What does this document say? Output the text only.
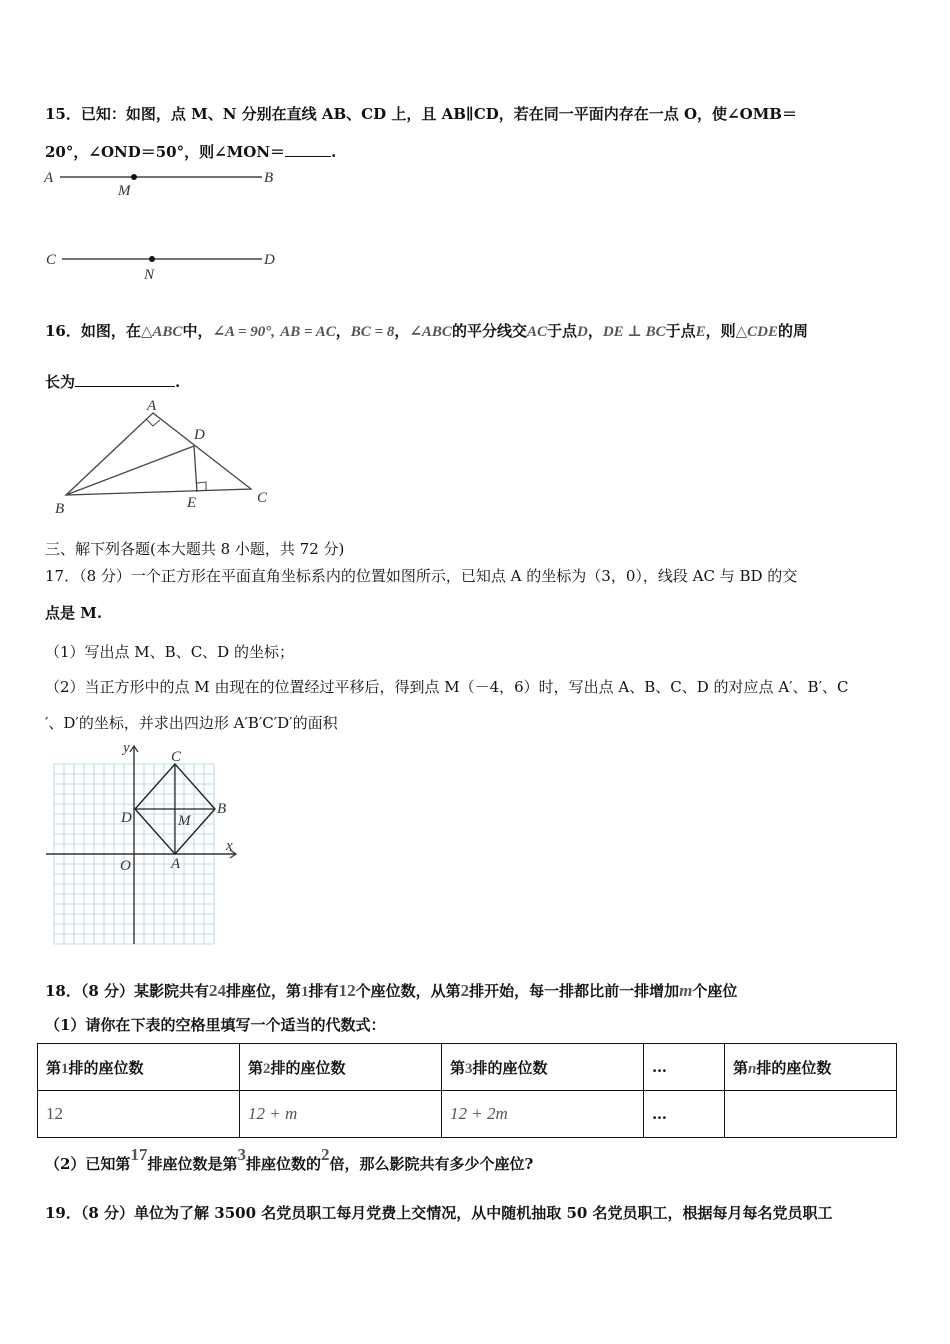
15．已知：如图，点 M、N 分别在直线 AB、CD 上，且 AB∥CD，若在同一平面内存在一点 O，使∠OMB＝
20°，∠OND＝50°，则∠MON＝	.
A	B
M
C	D
N
16．如图，在△ABC中，∠A = 90°, AB = AC，BC = 8，∠ABC的平分线交AC于点D，DE ⊥ BC于点E，则△CDE的周
长为	.
A
B
C
D
E
三、解下列各题(本大题共 8 小题，共 72 分)
17．（8 分）一个正方形在平面直角坐标系内的位置如图所示，已知点 A 的坐标为（3，0），线段 AC 与 BD 的交
点是 M.
（1）写出点 M、B、C、D 的坐标；
（2）当正方形中的点 M 由现在的位置经过平移后，得到点 M（－4，6）时，写出点 A、B、C、D 的对应点 A′、B′、C
′、D′的坐标，并求出四边形 A′B′C′D′的面积
y
x
O	A
B
C
D	M
18．（8 分）某影院共有24排座位，第1排有12个座位数，从第2排开始，每一排都比前一排增加m个座位
（1）请你在下表的空格里填写一个适当的代数式：
第1排的座位数	第2排的座位数	第3排的座位数	…	第n排的座位数
12	12 + m	12 + 2m	…	
（2）已知第17排座位数是第3排座位数的2倍，那么影院共有多少个座位?
19．（8 分）单位为了解 3500 名党员职工每月党费上交情况，从中随机抽取 50 名党员职工，根据每月每名党员职工
